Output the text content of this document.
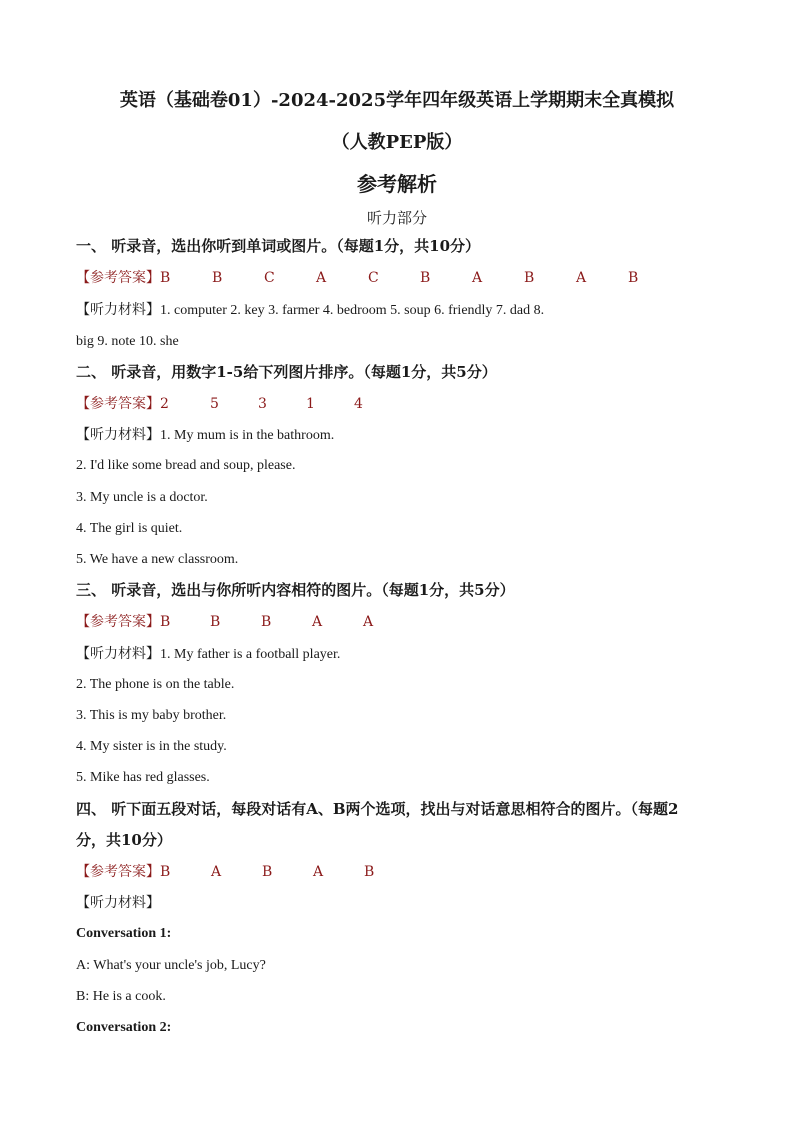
英语（基础卷01）-2024-2025学年四年级英语上学期期末全真模拟
（人教PEP版）
参考解析
听力部分
一、 听录音，选出你听到单词或图片。（每题1分，共10分）
【参考答案】B	B	C	A	C	B	A	B	A	B
【听力材料】1. computer 2. key 3. farmer 4. bedroom 5. soup 6. friendly 7. dad 8.
big 9. note 10. she
二、 听录音，用数字1-5给下列图片排序。（每题1分，共5分）
【参考答案】2	5	3	1	4
【听力材料】1. My mum is in the bathroom.
2. I'd like some bread and soup, please.
3. My uncle is a doctor.
4. The girl is quiet.
5. We have a new classroom.
三、 听录音，选出与你所听内容相符的图片。（每题1分，共5分）
【参考答案】B	B	B	A	A
【听力材料】1. My father is a football player.
2. The phone is on the table.
3. This is my baby brother.
4. My sister is in the study.
5. Mike has red glasses.
四、 听下面五段对话，每段对话有A、B两个选项，找出与对话意思相符合的图片。（每题2
分，共10分）
【参考答案】B	A	B	A	B
【听力材料】
Conversation 1:
A: What's your uncle's job, Lucy?
B: He is a cook.
Conversation 2:
